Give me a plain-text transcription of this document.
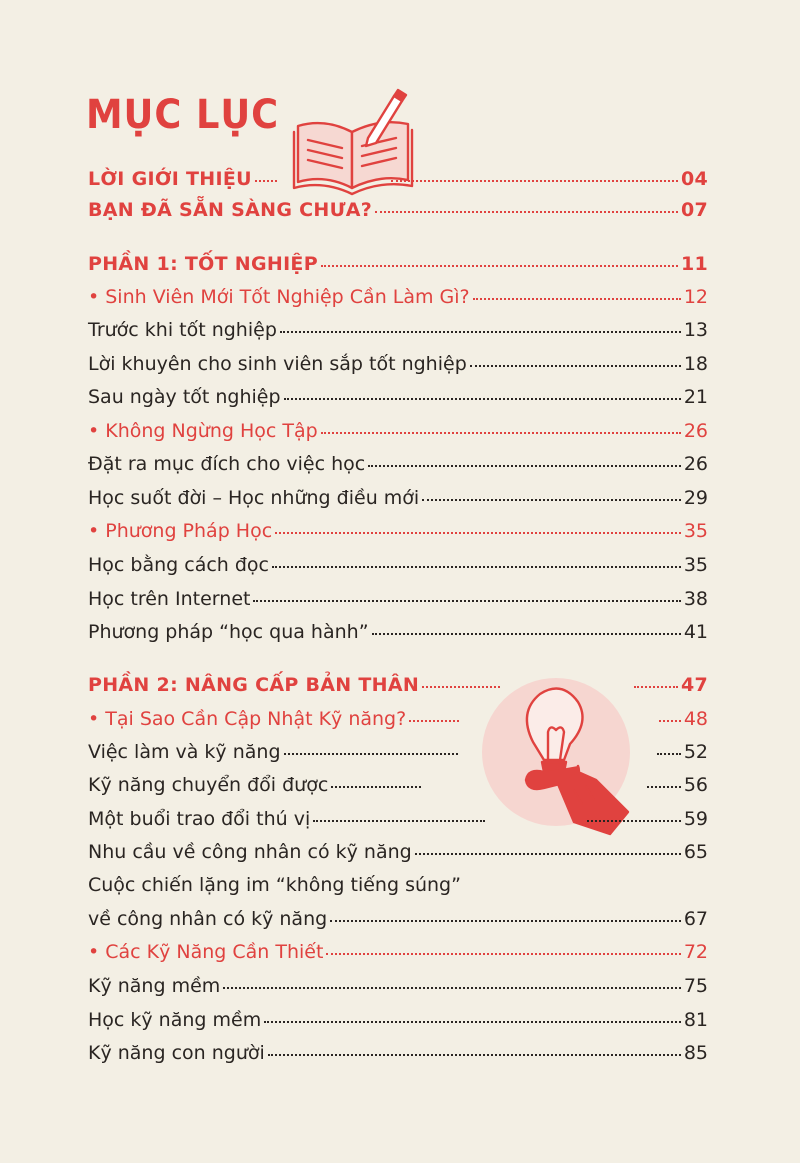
MỤC LỤC
LỜI GIỚI THIỆU	04
BẠN ĐÃ SẴN SÀNG CHƯA?	07
PHẦN 1: TỐT NGHIỆP	11
• Sinh Viên Mới Tốt Nghiệp Cần Làm Gì?	12
Trước khi tốt nghiệp	13
Lời khuyên cho sinh viên sắp tốt nghiệp	18
Sau ngày tốt nghiệp	21
• Không Ngừng Học Tập	26
Đặt ra mục đích cho việc học	26
Học suốt đời – Học những điều mới	29
• Phương Pháp Học	35
Học bằng cách đọc	35
Học trên Internet	38
Phương pháp “học qua hành”	41
PHẦN 2: NÂNG CẤP BẢN THÂN	47
• Tại Sao Cần Cập Nhật Kỹ năng?	48
Việc làm và kỹ năng	52
Kỹ năng chuyển đổi được	56
Một buổi trao đổi thú vị	59
Nhu cầu về công nhân có kỹ năng	65
Cuộc chiến lặng im “không tiếng súng”
về công nhân có kỹ năng	67
• Các Kỹ Năng Cần Thiết	72
Kỹ năng mềm	75
Học kỹ năng mềm	81
Kỹ năng con người	85
